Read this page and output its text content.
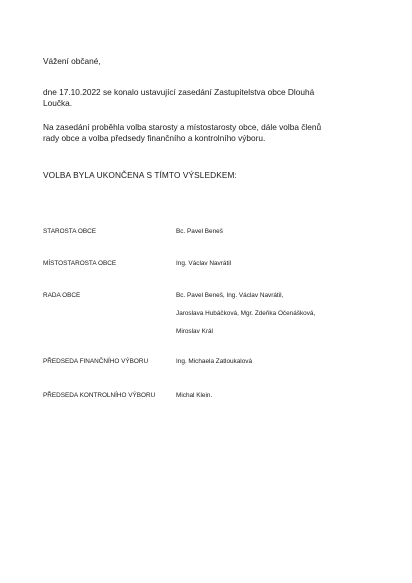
Vážení občané,
dne 17.10.2022 se konalo ustavující zasedání Zastupitelstva obce Dlouhá
Loučka.
Na zasedání proběhla volba starosty a místostarosty obce, dále volba členů
rady obce a volba předsedy finančního a kontrolního výboru.
VOLBA BYLA UKONČENA S TÍMTO VÝSLEDKEM:
STAROSTA OBCE	Bc. Pavel Beneš
MÍSTOSTAROSTA OBCE	Ing. Václav Navrátil
RADA OBCE	Bc. Pavel Beneš, Ing. Václav Navrátil,
Jaroslava Hubáčková, Mgr. Zdeňka Očenášková,
Miroslav Král
PŘEDSEDA FINANČNÍHO VÝBORU	Ing. Michaela Zatloukalová
PŘEDSEDA KONTROLNÍHO VÝBORU	Michal Klein.
